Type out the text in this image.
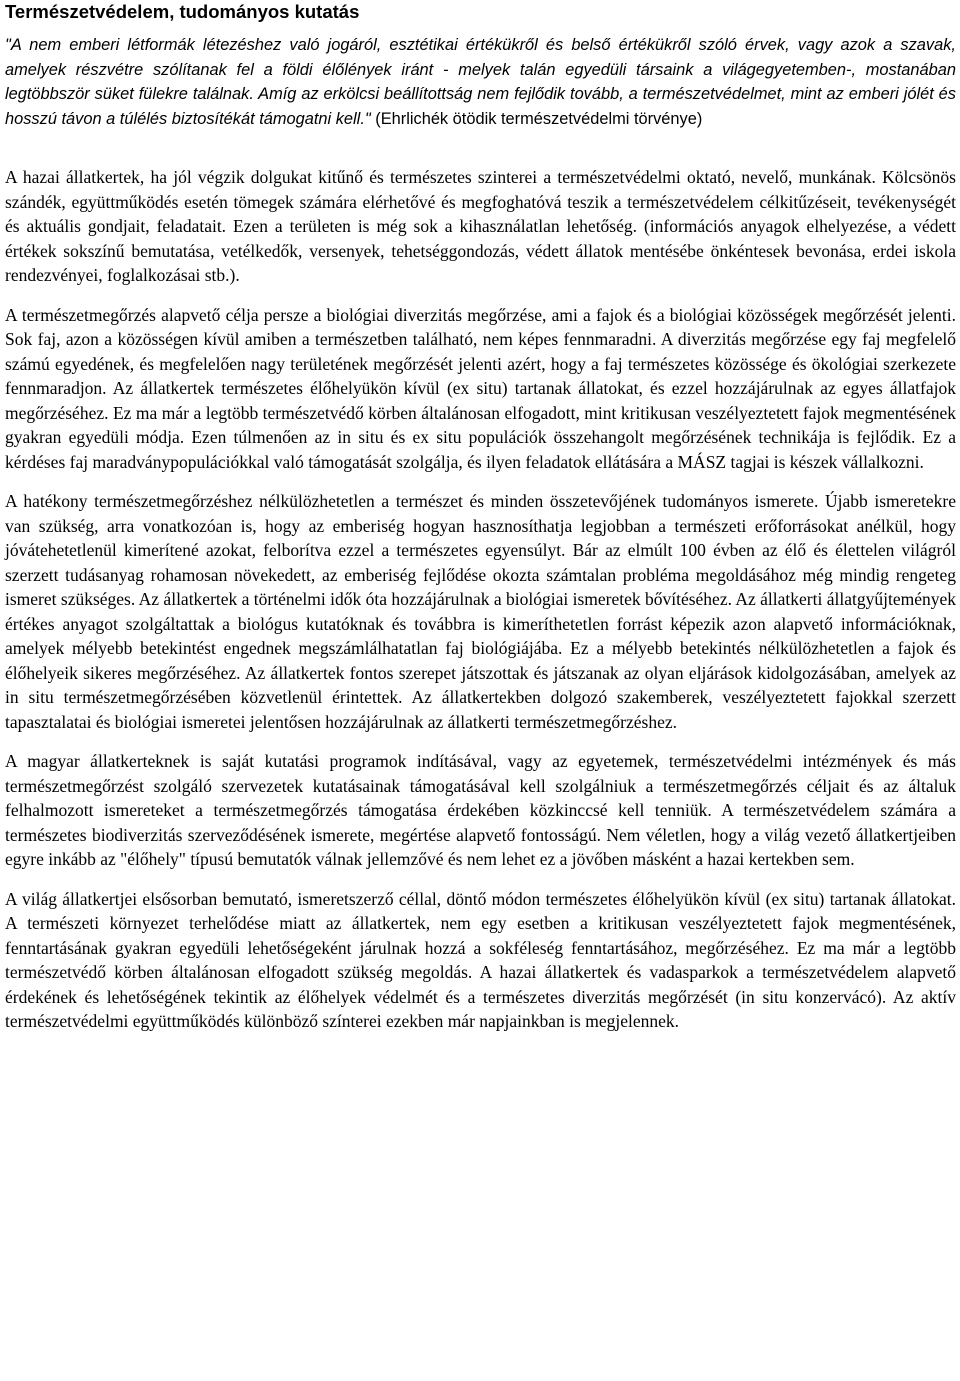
Természetvédelem, tudományos kutatás

"A nem emberi létformák létezéshez való jogáról, esztétikai értékükről és belső értékükről szóló érvek, vagy azok a szavak, amelyek részvétre szólítanak fel a földi élőlények iránt - melyek talán egyedüli társaink a világegyetemben-, mostanában legtöbbször süket fülekre találnak. Amíg az erkölcsi beállítottság nem fejlődik tovább, a természetvédelmet, mint az emberi jólét és hosszú távon a túlélés biztosítékát támogatni kell." (Ehrlichék ötödik természetvédelmi törvénye)

A hazai állatkertek, ha jól végzik dolgukat kitűnő és természetes szinterei a természetvédelmi oktató, nevelő, munkának. Kölcsönös szándék, együttműködés esetén tömegek számára elérhetővé és megfoghatóvá teszik a természetvédelem célkitűzéseit, tevékenységét és aktuális gondjait, feladatait. Ezen a területen is még sok a kihasználatlan lehetőség. (információs anyagok elhelyezése, a védett értékek sokszínű bemutatása, vetélkedők, versenyek, tehetséggondozás, védett állatok mentésébe önkéntesek bevonása, erdei iskola rendezvényei, foglalkozásai stb.).

A természetmegőrzés alapvető célja persze a biológiai diverzitás megőrzése, ami a fajok és a biológiai közösségek megőrzését jelenti. Sok faj, azon a közösségen kívül amiben a természetben található, nem képes fennmaradni. A diverzitás megőrzése egy faj megfelelő számú egyedének, és megfelelően nagy területének megőrzését jelenti azért, hogy a faj természetes közössége és ökológiai szerkezete fennmaradjon. Az állatkertek természetes élőhelyükön kívül (ex situ) tartanak állatokat, és ezzel hozzájárulnak az egyes állatfajok megőrzéséhez. Ez ma már a legtöbb természetvédő körben általánosan elfogadott, mint kritikusan veszélyeztetett fajok megmentésének gyakran egyedüli módja. Ezen túlmenően az in situ és ex situ populációk összehangolt megőrzésének technikája is fejlődik. Ez a kérdéses faj maradványpopulációkkal való támogatását szolgálja, és ilyen feladatok ellátására a MÁSZ tagjai is készek vállalkozni.

A hatékony természetmegőrzéshez nélkülözhetetlen a természet és minden összetevőjének tudományos ismerete. Újabb ismeretekre van szükség, arra vonatkozóan is, hogy az emberiség hogyan hasznosíthatja legjobban a természeti erőforrásokat anélkül, hogy jóvátehetetlenül kimerítené azokat, felborítva ezzel a természetes egyensúlyt. Bár az elmúlt 100 évben az élő és élettelen világról szerzett tudásanyag rohamosan növekedett, az emberiség fejlődése okozta számtalan probléma megoldásához még mindig rengeteg ismeret szükséges. Az állatkertek a történelmi idők óta hozzájárulnak a biológiai ismeretek bővítéséhez. Az állatkerti állatgyűjtemények értékes anyagot szolgáltattak a biológus kutatóknak és továbbra is kimeríthetetlen forrást képezik azon alapvető információknak, amelyek mélyebb betekintést engednek megszámlálhatatlan faj biológiájába. Ez a mélyebb betekintés nélkülözhetetlen a fajok és élőhelyeik sikeres megőrzéséhez. Az állatkertek fontos szerepet játszottak és játszanak az olyan eljárások kidolgozásában, amelyek az in situ természetmegőrzésében közvetlenül érintettek. Az állatkertekben dolgozó szakemberek, veszélyeztetett fajokkal szerzett tapasztalatai és biológiai ismeretei jelentősen hozzájárulnak az állatkerti természetmegőrzéshez.

A magyar állatkerteknek is saját kutatási programok indításával, vagy az egyetemek, természetvédelmi intézmények és más természetmegőrzést szolgáló szervezetek kutatásainak támogatásával kell szolgálniuk a természetmegőrzés céljait és az általuk felhalmozott ismereteket a természetmegőrzés támogatása érdekében közkinccsé kell tenniük. A természetvédelem számára a természetes biodiverzitás szerveződésének ismerete, megértése alapvető fontosságú. Nem véletlen, hogy a világ vezető állatkertjeiben egyre inkább az "élőhely" típusú bemutatók válnak jellemzővé és nem lehet ez a jövőben másként a hazai kertekben sem.

A világ állatkertjei elsősorban bemutató, ismeretszerző céllal, döntő módon természetes élőhelyükön kívül (ex situ) tartanak állatokat. A természeti környezet terhelődése miatt az állatkertek, nem egy esetben a kritikusan veszélyeztetett fajok megmentésének, fenntartásának gyakran egyedüli lehetőségeként járulnak hozzá a sokféleség fenntartásához, megőrzéséhez. Ez ma már a legtöbb természetvédő körben általánosan elfogadott szükség megoldás. A hazai állatkertek és vadasparkok a természetvédelem alapvető érdekének és lehetőségének tekintik az élőhelyek védelmét és a természetes diverzitás megőrzését (in situ konzervácó). Az aktív természetvédelmi együttműködés különböző színterei ezekben már napjainkban is megjelennek.
